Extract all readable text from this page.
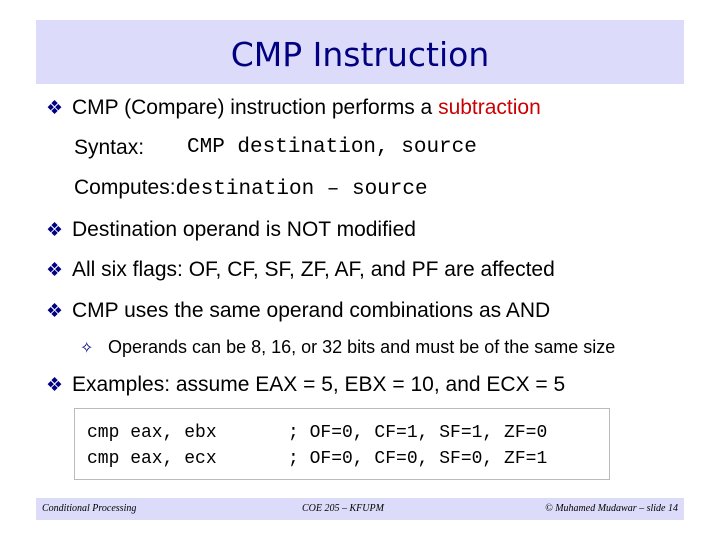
CMP Instruction
❖ CMP (Compare) instruction performs a subtraction
Syntax: CMP destination, source
Computes:destination – source
❖ Destination operand is NOT modified
❖ All six flags: OF, CF, SF, ZF, AF, and PF are affected
❖ CMP uses the same operand combinations as AND
✧ Operands can be 8, 16, or 32 bits and must be of the same size
❖ Examples: assume EAX = 5, EBX = 10, and ECX = 5
cmp eax, ebx	; OF=0, CF=1, SF=1, ZF=0
cmp eax, ecx	; OF=0, CF=0, SF=0, ZF=1
Conditional Processing	COE 205 – KFUPM	© Muhamed Mudawar – slide 14
